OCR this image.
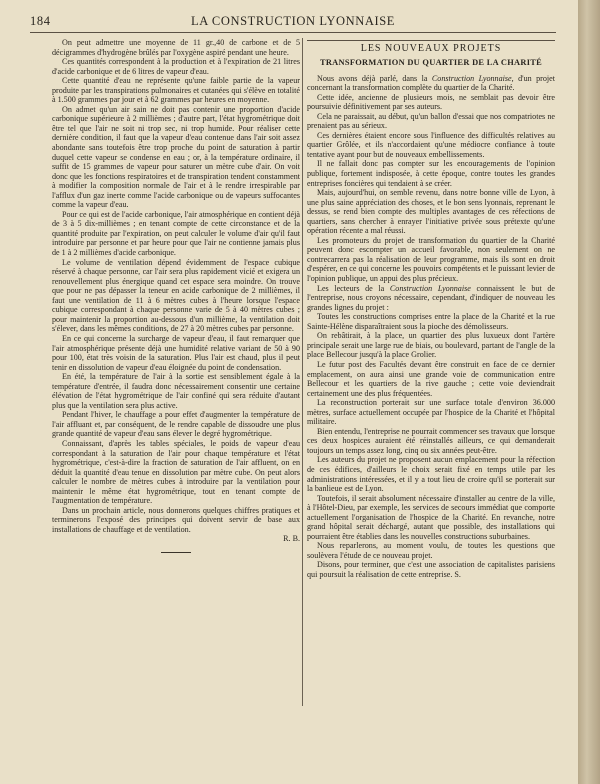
184	LA CONSTRUCTION LYONNAISE

On peut admettre une moyenne de 11 gr.,40 de carbone et de 5 décigrammes d'hydrogène brûlés par l'oxygène aspiré pendant une heure.

Ces quantités correspondent à la production et à l'expiration de 21 litres d'acide carbonique et de 6 litres de vapeur d'eau.

Cette quantité d'eau ne représente qu'une faible partie de la vapeur produite par les transpirations pulmonaires et cutanées qui s'élève en totalité à 1.500 grammes par jour et à 62 grammes par heures en moyenne.

On admet qu'un air sain ne doit pas contenir une proportion d'acide carbonique supérieure à 2 millièmes ; d'autre part, l'état hygrométrique doit être tel que l'air ne soit ni trop sec, ni trop humide. Pour réaliser cette dernière condition, il faut que la vapeur d'eau contenue dans l'air soit assez abondante sans toutefois être trop proche du point de saturation à partir duquel cette vapeur se condense en eau ; or, à la température ordinaire, il suffit de 15 grammes de vapeur pour saturer un mètre cube d'air. On voit donc que les fonctions respiratoires et de transpiration tendent constamment à modifier la composition normale de l'air et à le rendre irrespirable par l'afflux d'un gaz inerte comme l'acide carbonique ou de vapeurs suffocantes comme la vapeur d'eau.

Pour ce qui est de l'acide carbonique, l'air atmosphérique en contient déjà de 3 à 5 dix-millièmes ; en tenant compte de cette circonstance et de la quantité produite par l'expiration, on peut calculer le volume d'air qu'il faut introduire par personne et par heure pour que l'air ne contienne jamais plus de 1 à 2 millièmes d'acide carbonique.

Le volume de ventilation dépend évidemment de l'espace cubique réservé à chaque personne, car l'air sera plus rapidement vicié et exigera un renouvellement plus énergique quand cet espace sera moindre. On trouve que pour ne pas dépasser la teneur en acide carbonique de 2 millièmes, il faut une ventilation de 11 à 6 mètres cubes à l'heure lorsque l'espace cubique correspondant à chaque personne varie de 5 à 40 mètres cubes ; pour maintenir la proportion au-dessous d'un millième, la ventilation doit s'élever, dans les mêmes conditions, de 27 à 20 mètres cubes par personne.

En ce qui concerne la surcharge de vapeur d'eau, il faut remarquer que l'air atmosphérique présente déjà une humidité relative variant de 50 à 90 pour 100, état très voisin de la saturation. Plus l'air est chaud, plus il peut tenir en dissolution de vapeur d'eau éloignée du point de condensation.

En été, la température de l'air à la sortie est sensiblement égale à la température d'entrée, il faudra donc nécessairement consentir une certaine élévation de l'état hygrométrique de l'air confiné qui sera réduite d'autant plus que la ventilation sera plus active.

Pendant l'hiver, le chauffage a pour effet d'augmenter la température de l'air affluant et, par conséquent, de le rendre capable de dissoudre une plus grande quantité de vapeur d'eau sans élever le degré hygrométrique.

Connaissant, d'après les tables spéciales, le poids de vapeur d'eau correspondant à la saturation de l'air pour chaque température et l'état hygrométrique, c'est-à-dire la fraction de saturation de l'air affluent, on en déduit la quantité d'eau tenue en dissolution par mètre cube. On peut alors calculer le nombre de mètres cubes à introduire par la ventilation pour maintenir le même état hygrométrique, tout en tenant compte de l'augmentation de température.

Dans un prochain article, nous donnerons quelques chiffres pratiques et terminerons l'exposé des principes qui doivent servir de base aux installations de chauffage et de ventilation.

R. B.

LES NOUVEAUX PROJETS
TRANSFORMATION DU QUARTIER DE LA CHARITÉ

Nous avons déjà parlé, dans la Construction Lyonnaise, d'un projet concernant la transformation complète du quartier de la Charité.

Cette idée, ancienne de plusieurs mois, ne semblait pas devoir être poursuivie définitivement par ses auteurs.

Cela ne paraissait, au début, qu'un ballon d'essai que nos compatriotes ne prenaient pas au sérieux.

Ces dernières étaient encore sous l'influence des difficultés relatives au quartier Grôlée, et ils n'accordaient qu'une médiocre confiance à toute tentative ayant pour but de nouveaux embellissements.

Il ne fallait donc pas compter sur les encouragements de l'opinion publique, fortement indisposée, à cette époque, contre toutes les grandes entreprises foncières qui tendaient à se créer.

Mais, aujourd'hui, on semble revenu, dans notre bonne ville de Lyon, à une plus saine appréciation des choses, et le bon sens lyonnais, reprenant le dessus, se rend bien compte des multiples avantages de ces réfections de quartiers, sans chercher à enrayer l'initiative privée sous prétexte qu'une opération récente a mal réussi.

Les promoteurs du projet de transformation du quartier de la Charité peuvent donc escompter un accueil favorable, non seulement on ne contrecarrera pas la réalisation de leur programme, mais ils sont en droit d'espérer, en ce qui concerne les pouvoirs compétents et le puissant levier de l'opinion publique, un appui des plus précieux.

Les lecteurs de la Construction Lyonnaise connaissent le but de l'entreprise, nous croyons nécessaire, cependant, d'indiquer de nouveau les grandes lignes du projet :

Toutes les constructions comprises entre la place de la Charité et la rue Sainte-Hélène disparaîtraient sous la pioche des démolisseurs.

On rebâtirait, à la place, un quartier des plus luxueux dont l'artère principale serait une large rue de biais, ou boulevard, partant de l'angle de la place Bellecour jusqu'à la place Grolier.

Le futur post des Facultés devant être construit en face de ce dernier emplacement, on aura ainsi une grande voie de communication entre Bellecour et les quartiers de la rive gauche ; cette voie deviendrait certainement une des plus fréquentées.

La reconstruction porterait sur une surface totale d'environ 36.000 mètres, surface actuellement occupée par l'hospice de la Charité et l'hôpital militaire.

Bien entendu, l'entreprise ne pourrait commencer ses travaux que lorsque ces deux hospices auraient été réinstallés ailleurs, ce qui demanderait toujours un temps assez long, cinq ou six années peut-être.

Les auteurs du projet ne proposent aucun emplacement pour la réfection de ces édifices, d'ailleurs le choix serait fixé en temps utile par les administrations intéressées, et il y a tout lieu de croire qu'il se porterait sur la banlieue est de Lyon.

Toutefois, il serait absolument nécessaire d'installer au centre de la ville, à l'Hôtel-Dieu, par exemple, les services de secours immédiat que comporte actuellement l'organisation de l'hospice de la Charité. En revanche, notre grand hôpital serait déchargé, autant que possible, des installations qui pourraient être établies dans les nouvelles constructions suburbaines.

Nous reparlerons, au moment voulu, de toutes les questions que soulèvera l'étude de ce nouveau projet.

Disons, pour terminer, que c'est une association de capitalistes parisiens qui poursuit la réalisation de cette entreprise. S.
